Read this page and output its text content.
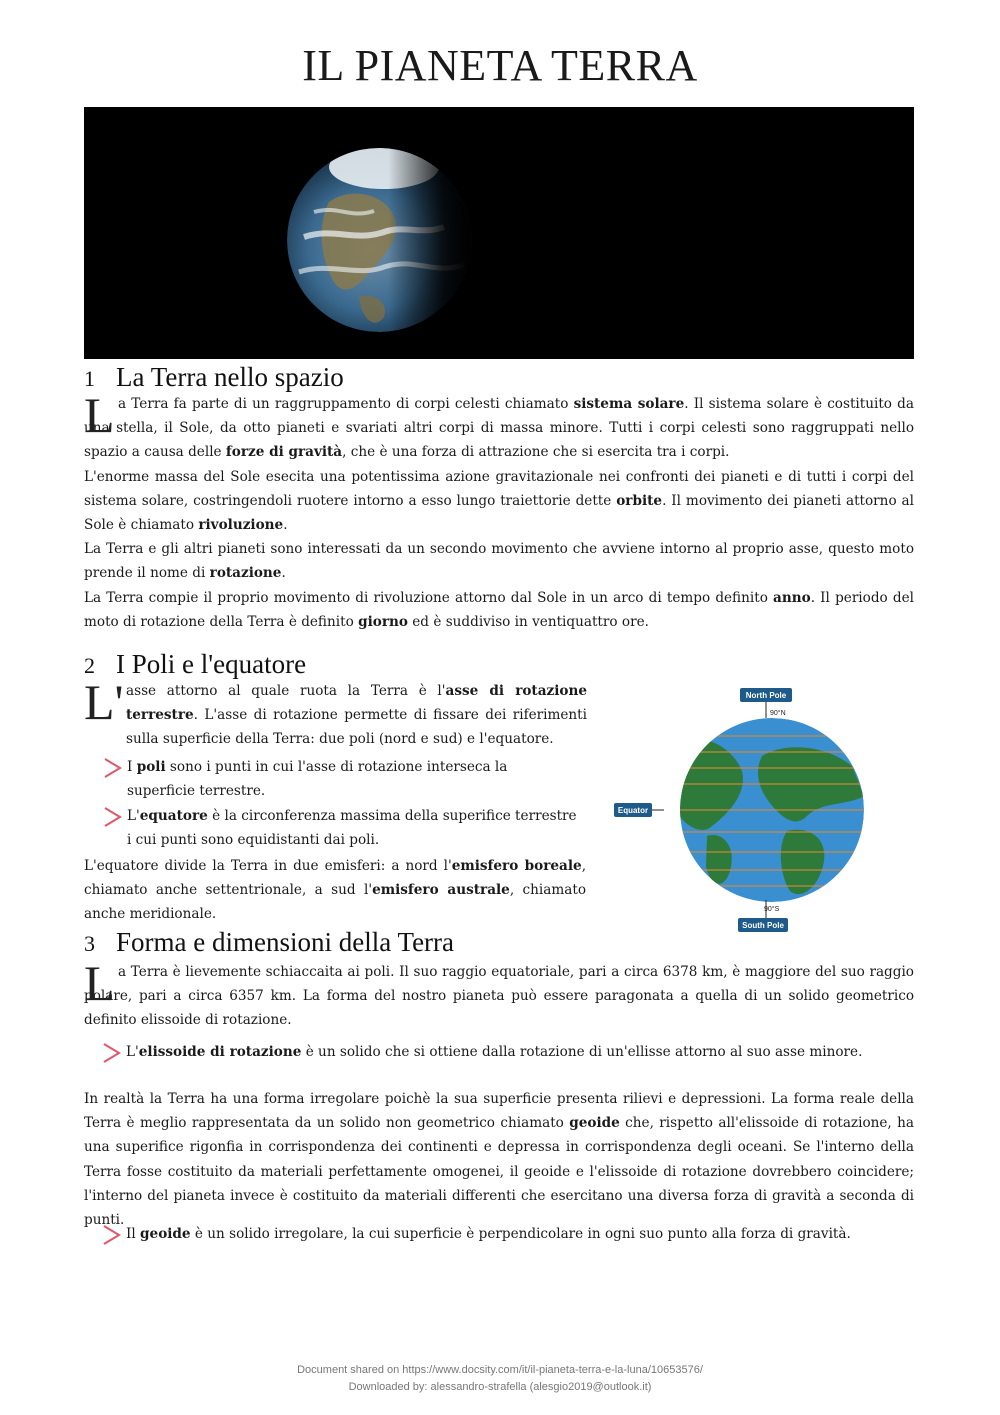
IL PIANETA TERRA
1 La Terra nello spazio
L a Terra fa parte di un raggruppamento di corpi celesti chiamato sistema solare. Il sistema solare è costituito da una stella, il Sole, da otto pianeti e svariati altri corpi di massa minore. Tutti i corpi celesti sono raggruppati nello spazio a causa delle forze di gravità, che è una forza di attrazione che si esercita tra i corpi.
L'enorme massa del Sole esecita una potentissima azione gravitazionale nei confronti dei pianeti e di tutti i corpi del sistema solare, costringendoli ruotere intorno a esso lungo traiettorie dette orbite. Il movimento dei pianeti attorno al Sole è chiamato rivoluzione.
La Terra e gli altri pianeti sono interessati da un secondo movimento che avviene intorno al proprio asse, questo moto prende il nome di rotazione.
La Terra compie il proprio movimento di rivoluzione attorno dal Sole in un arco di tempo definito anno. Il periodo del moto di rotazione della Terra è definito giorno ed è suddiviso in ventiquattro ore.
2 I Poli e l'equatore
L' asse attorno al quale ruota la Terra è l'asse di rotazione terrestre. L'asse di rotazione permette di fissare dei riferimenti sulla superficie della Terra: due poli (nord e sud) e l'equatore.
I poli sono i punti in cui l'asse di rotazione interseca la superficie terrestre.
L'equatore è la circonferenza massima della superifice terrestre i cui punti sono equidistanti dai poli.
L'equatore divide la Terra in due emisferi: a nord l'emisfero boreale, chiamato anche settentrionale, a sud l'emisfero australe, chiamato anche meridionale.
North Pole
90°N
Equator
90°S
South Pole
3 Forma e dimensioni della Terra
L a Terra è lievemente schiaccaita ai poli. Il suo raggio equatoriale, pari a circa 6378 km, è maggiore del suo raggio polare, pari a circa 6357 km. La forma del nostro pianeta può essere paragonata a quella di un solido geometrico definito elissoide di rotazione.
L'elissoide di rotazione è un solido che si ottiene dalla rotazione di un'ellisse attorno al suo asse minore.
In realtà la Terra ha una forma irregolare poichè la sua superficie presenta rilievi e depressioni. La forma reale della Terra è meglio rappresentata da un solido non geometrico chiamato geoide che, rispetto all'elissoide di rotazione, ha una superifice rigonfia in corrispondenza dei continenti e depressa in corrispondenza degli oceani. Se l'interno della Terra fosse costituito da materiali perfettamente omogenei, il geoide e l'elissoide di rotazione dovrebbero coincidere; l'interno del pianeta invece è costituito da materiali differenti che esercitano una diversa forza di gravità a seconda di punti.
Il geoide è un solido irregolare, la cui superficie è perpendicolare in ogni suo punto alla forza di gravità.
Document shared on https://www.docsity.com/it/il-pianeta-terra-e-la-luna/10653576/
Downloaded by: alessandro-strafella (alesgio2019@outlook.it)
